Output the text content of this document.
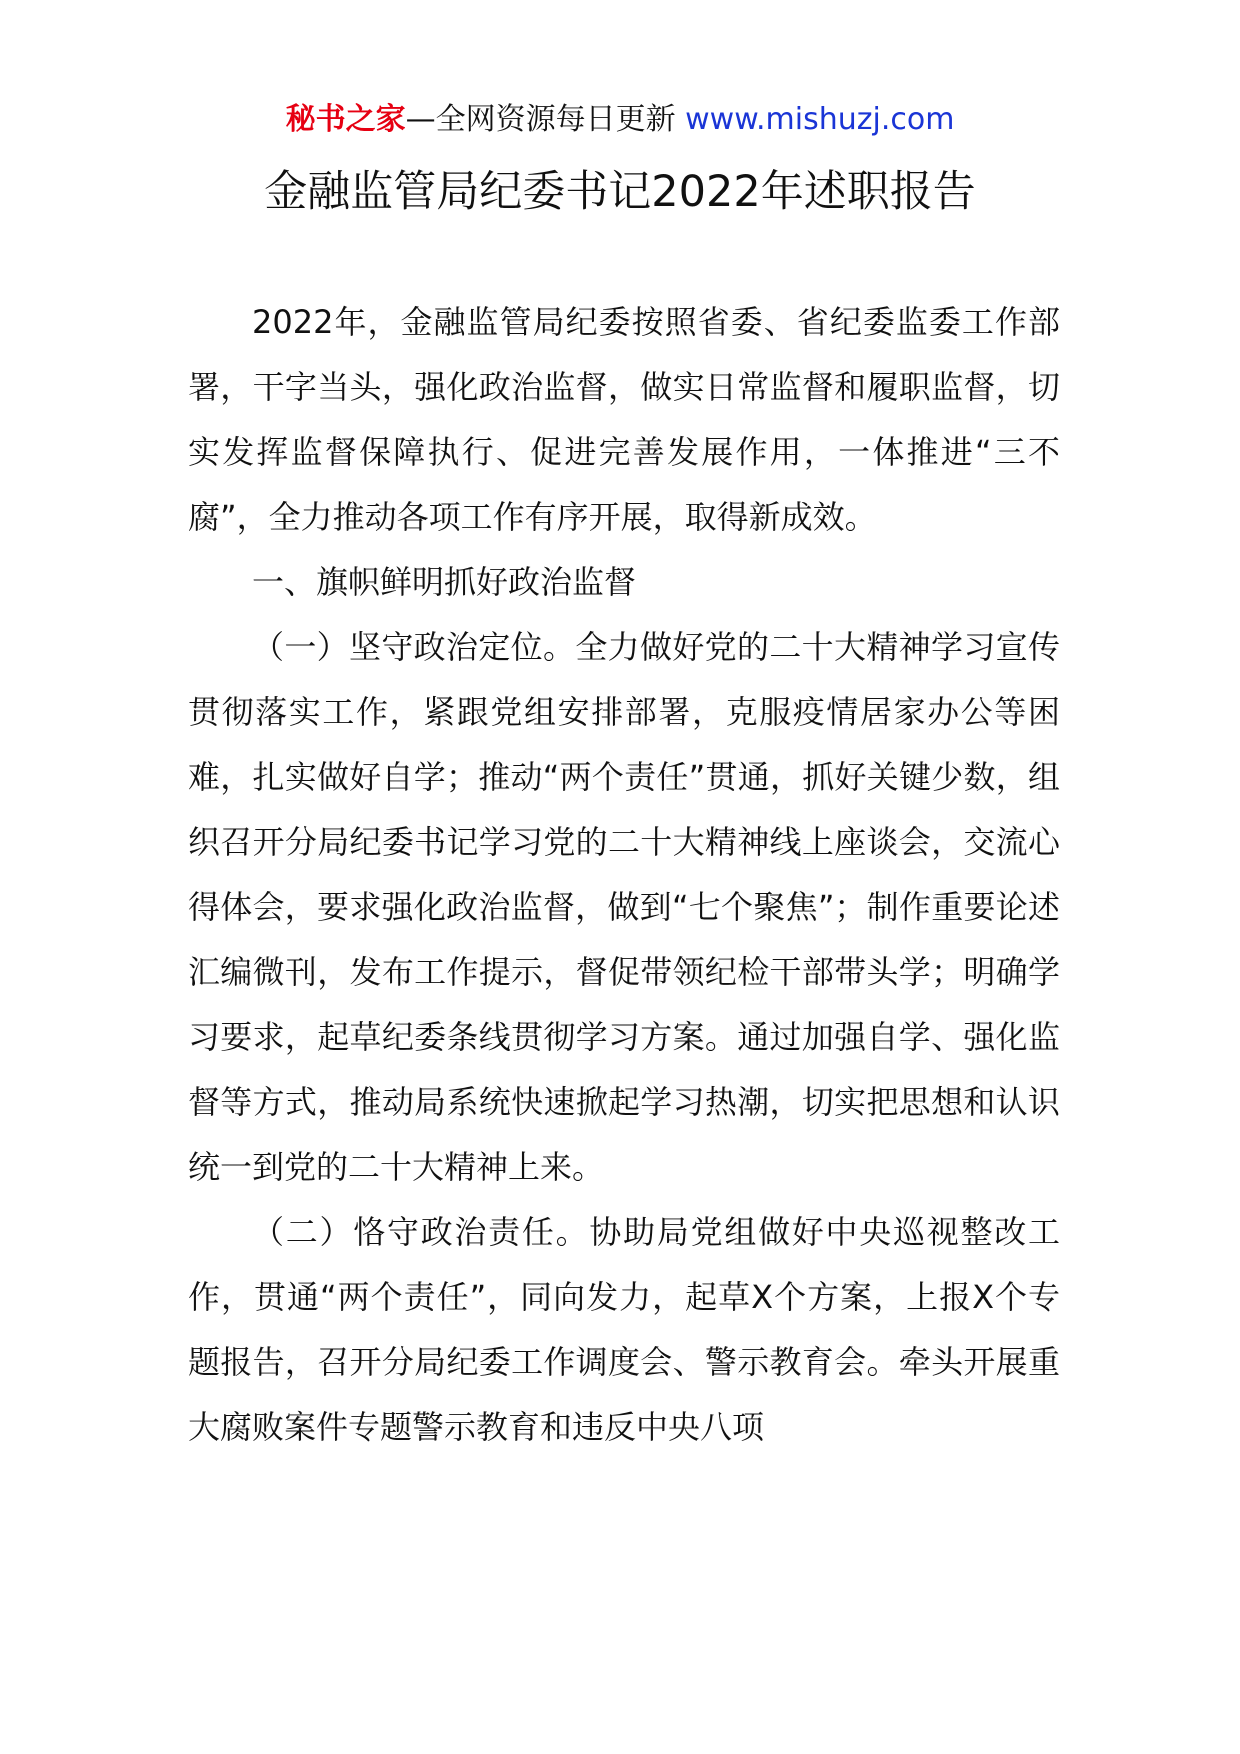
秘书之家—全网资源每日更新 www.mishuzj.com
金融监管局纪委书记2022年述职报告

2022年，金融监管局纪委按照省委、省纪委监委工作部署，干字当头，强化政治监督，做实日常监督和履职监督，切实发挥监督保障执行、促进完善发展作用，一体推进“三不腐”，全力推动各项工作有序开展，取得新成效。

一、旗帜鲜明抓好政治监督

（一）坚守政治定位。全力做好党的二十大精神学习宣传贯彻落实工作，紧跟党组安排部署，克服疫情居家办公等困难，扎实做好自学；推动“两个责任”贯通，抓好关键少数，组织召开分局纪委书记学习党的二十大精神线上座谈会，交流心得体会，要求强化政治监督，做到“七个聚焦”；制作重要论述汇编微刊，发布工作提示，督促带领纪检干部带头学；明确学习要求，起草纪委条线贯彻学习方案。通过加强自学、强化监督等方式，推动局系统快速掀起学习热潮，切实把思想和认识统一到党的二十大精神上来。

（二）恪守政治责任。协助局党组做好中央巡视整改工作，贯通“两个责任”，同向发力，起草X个方案，上报X个专题报告，召开分局纪委工作调度会、警示教育会。牵头开展重大腐败案件专题警示教育和违反中央八项
